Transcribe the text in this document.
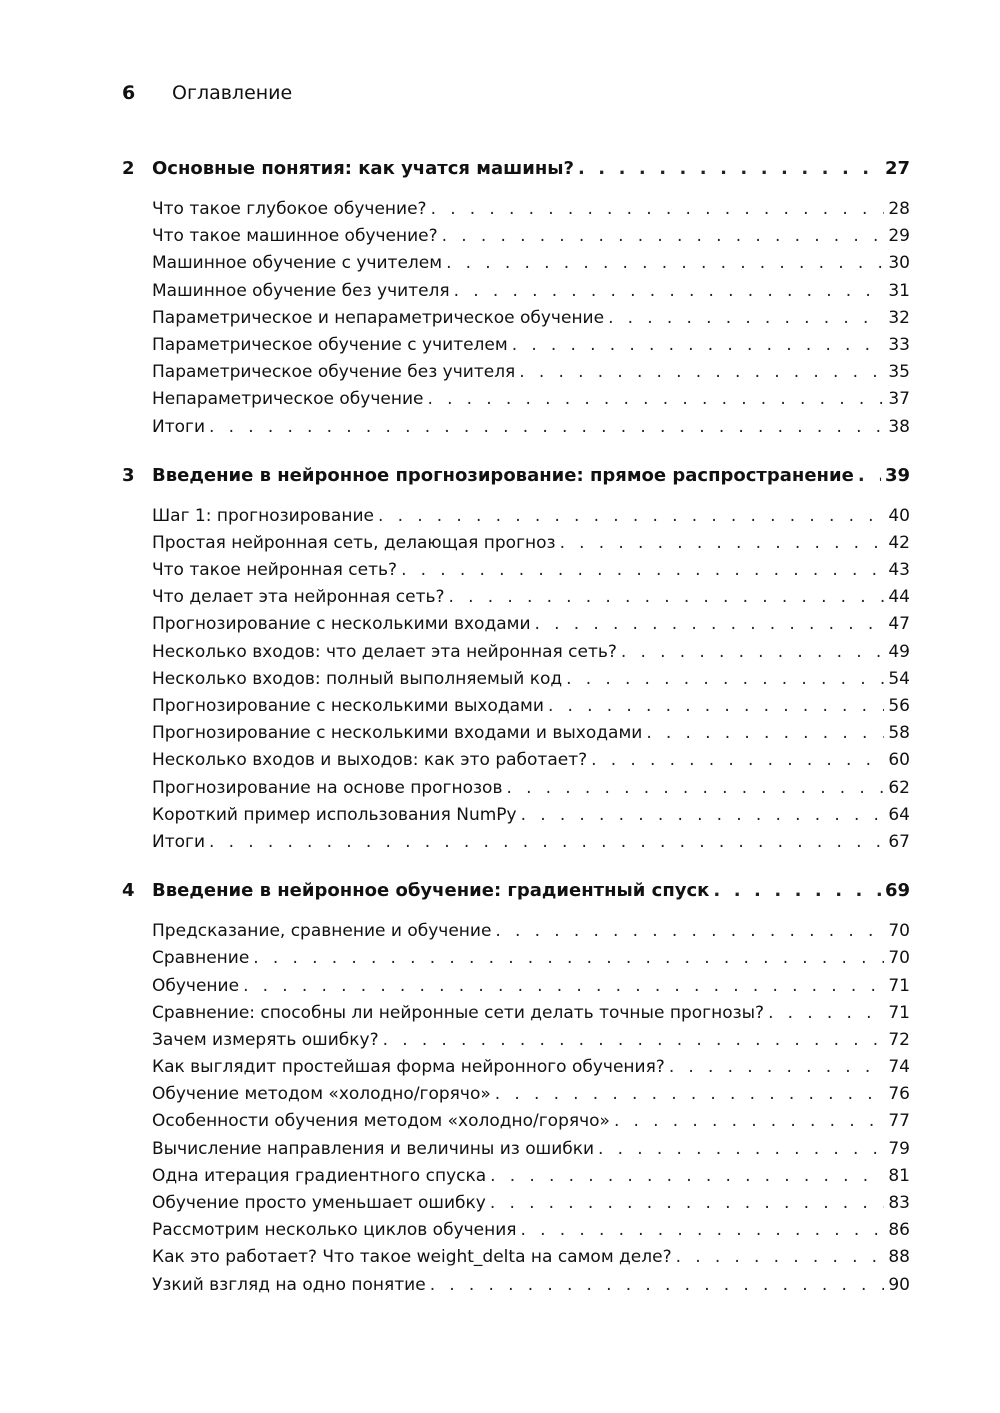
6	Оглавление
2 Основные понятия: как учатся машины? . . .	27
Что такое глубокое обучение? . . .	28
Что такое машинное обучение? . . .	29
Машинное обучение с учителем . . .	30
Машинное обучение без учителя . . .	31
Параметрическое и непараметрическое обучение . . .	32
Параметрическое обучение с учителем . . .	33
Параметрическое обучение без учителя . . .	35
Непараметрическое обучение . . .	37
Итоги . . .	38
3 Введение в нейронное прогнозирование: прямое распространение . . . 39
Шаг 1: прогнозирование . . .	40
Простая нейронная сеть, делающая прогноз . . .	42
Что такое нейронная сеть? . . .	43
Что делает эта нейронная сеть? . . .	44
Прогнозирование с несколькими входами . . .	47
Несколько входов: что делает эта нейронная сеть? . . .	49
Несколько входов: полный выполняемый код . . .	54
Прогнозирование с несколькими выходами . . .	56
Прогнозирование с несколькими входами и выходами . . .	58
Несколько входов и выходов: как это работает? . . .	60
Прогнозирование на основе прогнозов . . .	62
Короткий пример использования NumPy . . .	64
Итоги . . .	67
4 Введение в нейронное обучение: градиентный спуск . . .	69
Предсказание, сравнение и обучение . . .	70
Сравнение . . .	70
Обучение . . .	71
Сравнение: способны ли нейронные сети делать точные прогнозы? . . .	71
Зачем измерять ошибку? . . .	72
Как выглядит простейшая форма нейронного обучения? . . .	74
Обучение методом «холодно/горячо» . . .	76
Особенности обучения методом «холодно/горячо» . . .	77
Вычисление направления и величины из ошибки . . .	79
Одна итерация градиентного спуска . . .	81
Обучение просто уменьшает ошибку . . .	83
Рассмотрим несколько циклов обучения . . .	86
Как это работает? Что такое weight_delta на самом деле? . . .	88
Узкий взгляд на одно понятие . . .	90
